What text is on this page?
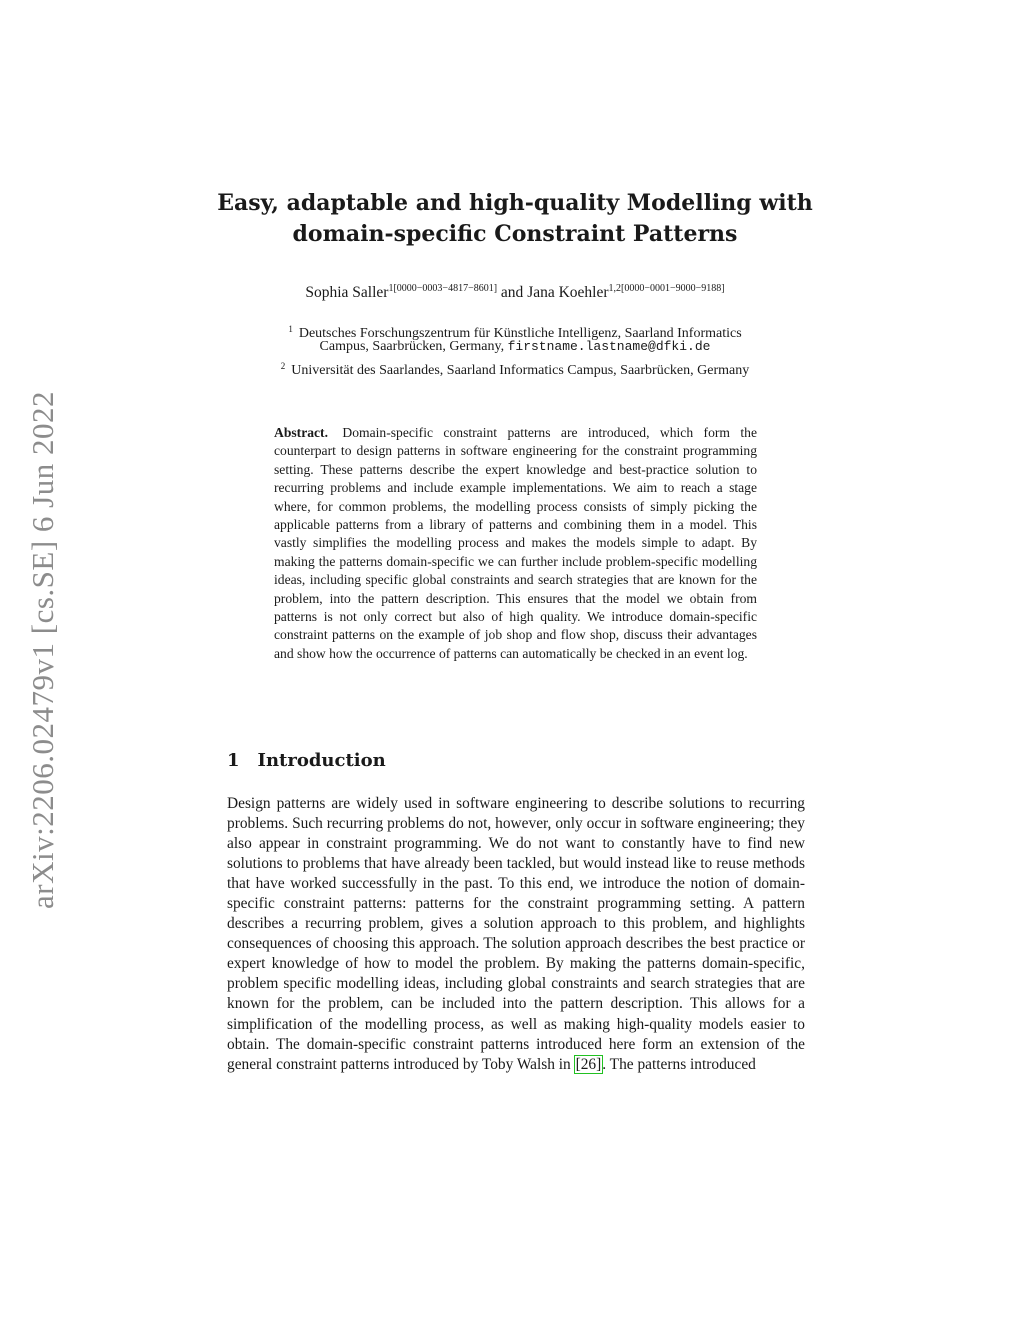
arXiv:2206.02479v1 [cs.SE] 6 Jun 2022
Easy, adaptable and high-quality Modelling with
domain-specific Constraint Patterns
Sophia Saller$^{1[0000-0003-4817-8601]}$ and Jana Koehler$^{1,2[0000-0001-9000-9188]}$
$^1$ Deutsches Forschungszentrum für Künstliche Intelligenz, Saarland Informatics
Campus, Saarbrücken, Germany, firstname.lastname@dfki.de
$^2$ Universität des Saarlandes, Saarland Informatics Campus, Saarbrücken, Germany

Abstract. Domain-specific constraint patterns are introduced, which form the counterpart to design patterns in software engineering for the constraint programming setting. These patterns describe the expert knowledge and best-practice solution to recurring problems and include example implementations. We aim to reach a stage where, for common problems, the modelling process consists of simply picking the applicable patterns from a library of patterns and combining them in a model. This vastly simplifies the modelling process and makes the models simple to adapt. By making the patterns domain-specific we can further include problem-specific modelling ideas, including specific global constraints and search strategies that are known for the problem, into the pattern description. This ensures that the model we obtain from patterns is not only correct but also of high quality. We introduce domain-specific constraint patterns on the example of job shop and flow shop, discuss their advantages and show how the occurrence of patterns can automatically be checked in an event log.

1 Introduction

Design patterns are widely used in software engineering to describe solutions to recurring problems. Such recurring problems do not, however, only occur in software engineering; they also appear in constraint programming. We do not want to constantly have to find new solutions to problems that have already been tackled, but would instead like to reuse methods that have worked successfully in the past. To this end, we introduce the notion of domain-specific constraint patterns: patterns for the constraint programming setting. A pattern describes a recurring problem, gives a solution approach to this problem, and highlights consequences of choosing this approach. The solution approach describes the best practice or expert knowledge of how to model the problem. By making the patterns domain-specific, problem specific modelling ideas, including global constraints and search strategies that are known for the problem, can be included into the pattern description. This allows for a simplification of the modelling process, as well as making high-quality models easier to obtain. The domain-specific constraint patterns introduced here form an extension of the general constraint patterns introduced by Toby Walsh in [26]. The patterns introduced
